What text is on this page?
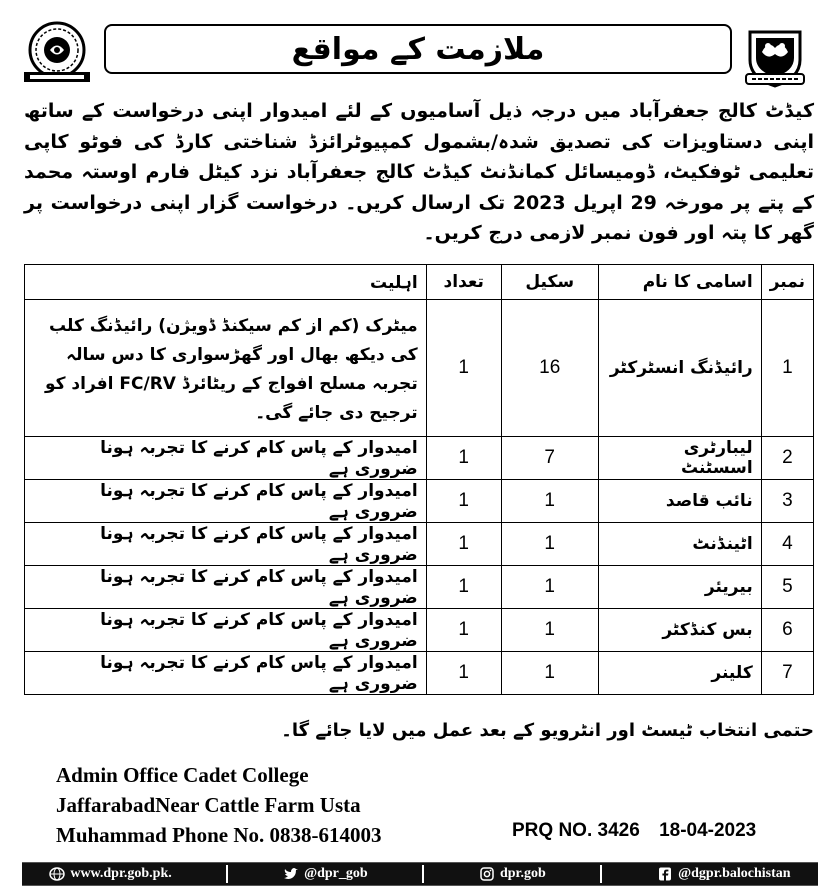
ملازمت کے مواقع
کیڈٹ کالج جعفرآباد میں درجہ ذیل آسامیوں کے لئے امیدوار اپنی درخواست کے ساتھ اپنی دستاویزات کی تصدیق شدہ/بشمول کمپیوٹرائزڈ شناختی کارڈ کی فوٹو کاپی تعلیمی ٹوفکیٹ، ڈومیسائل کمانڈنٹ کیڈٹ کالج جعفرآباد نزد کیٹل فارم اوستہ محمد کے پتے پر مورخہ 29 اپریل 2023 تک ارسال کریں۔ درخواست گزار اپنی درخواست پر گھر کا پتہ اور فون نمبر لازمی درج کریں۔
نمبر	اسامی کا نام	سکیل	تعداد	اہلیت
1	رائیڈنگ انسٹرکٹر	16	1	میٹرک (کم از کم سیکنڈ ڈویژن) رائیڈنگ کلب کی دیکھ بھال اور گھڑسواری کا دس سالہ تجربہ مسلح افواج کے ریٹائرڈ FC/RV افراد کو ترجیح دی جائے گی۔
2	لیبارٹری اسسٹنٹ	7	1	امیدوار کے پاس کام کرنے کا تجربہ ہونا ضروری ہے
3	نائب قاصد	1	1	امیدوار کے پاس کام کرنے کا تجربہ ہونا ضروری ہے
4	اٹینڈنٹ	1	1	امیدوار کے پاس کام کرنے کا تجربہ ہونا ضروری ہے
5	بیریئر	1	1	امیدوار کے پاس کام کرنے کا تجربہ ہونا ضروری ہے
6	بس کنڈکٹر	1	1	امیدوار کے پاس کام کرنے کا تجربہ ہونا ضروری ہے
7	کلینر	1	1	امیدوار کے پاس کام کرنے کا تجربہ ہونا ضروری ہے
حتمی انتخاب ٹیسٹ اور انٹرویو کے بعد عمل میں لایا جائے گا۔
Admin Office Cadet College
JaffarabadNear Cattle Farm Usta
Muhammad Phone No. 0838-614003	PRQ NO. 3426 18-04-2023
www.dpr.gob.pk.	@dpr_gob	dpr.gob	@dgpr.balochistan
